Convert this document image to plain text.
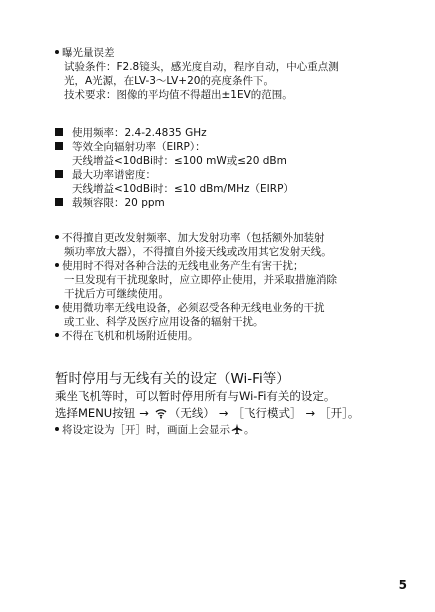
曝光量误差
试验条件：F2.8镜头，感光度自动，程序自动，中心重点测
光，A光源，在LV-3～LV+20的亮度条件下。
技术要求：图像的平均值不得超出±1EV的范围。
使用频率：2.4-2.4835 GHz
等效全向辐射功率（EIRP）：
天线增益<10dBi时：≤100 mW或≤20 dBm
最大功率谱密度：
天线增益<10dBi时：≤10 dBm/MHz（EIRP）
载频容限：20 ppm
不得擅自更改发射频率、加大发射功率（包括额外加装射
频功率放大器），不得擅自外接天线或改用其它发射天线。
使用时不得对各种合法的无线电业务产生有害干扰；
一旦发现有干扰现象时，应立即停止使用，并采取措施消除
干扰后方可继续使用。
使用微功率无线电设备，必须忍受各种无线电业务的干扰
或工业、科学及医疗应用设备的辐射干扰。
不得在飞机和机场附近使用。
暂时停用与无线有关的设定（Wi-Fi等）
乘坐飞机等时，可以暂时停用所有与Wi-Fi有关的设定。
选择MENU按钮 → （无线） → ［飞行模式］ → ［开］。
将设定设为［开］时，画面上会显示 。
5
